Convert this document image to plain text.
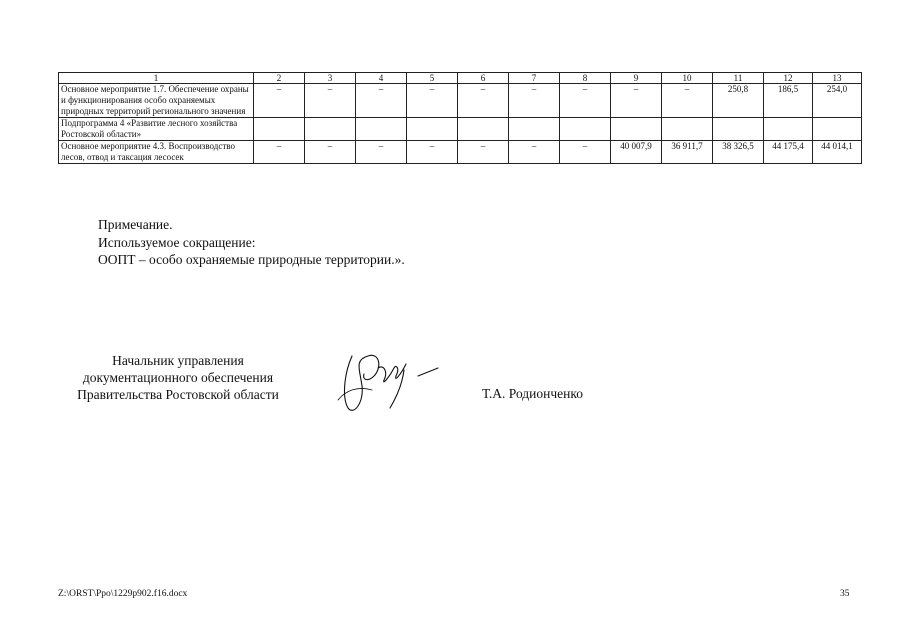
1	2	3	4	5	6	7	8	9	10	11	12	13
Основное мероприятие 1.7. Обеспечение охраны и функционирования особо охраняемых природных территорий регионального значения	–	–	–	–	–	–	–	–	–	250,8	186,5	254,0
Подпрограмма 4 «Развитие лесного хозяйства Ростовской области»												
Основное мероприятие 4.3. Воспроизводство лесов, отвод и таксация лесосек	–	–	–	–	–	–	–	40 007,9	36 911,7	38 326,5	44 175,4	44 014,1
Примечание.
Используемое сокращение:
ООПТ – особо охраняемые природные территории.».
Начальник управления
документационного обеспечения
Правительства Ростовской области	Т.А. Родионченко
Z:\ORST\Ppo\1229p902.f16.docx	35
